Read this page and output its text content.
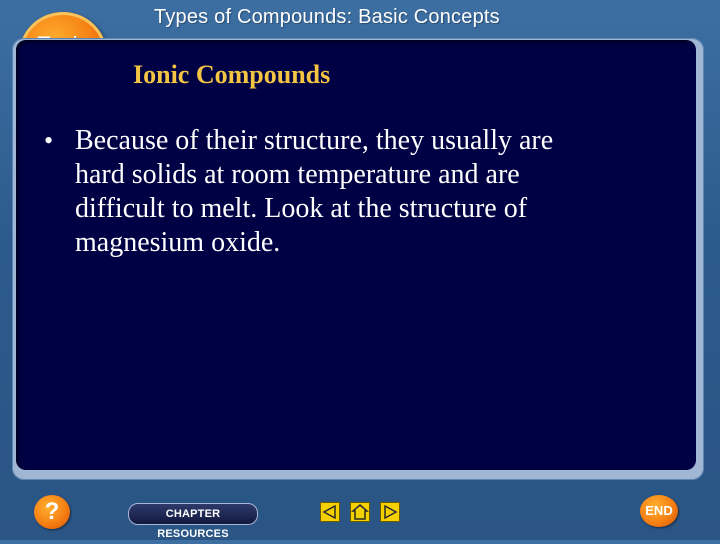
Types of Compounds: Basic Concepts
Ionic Compounds
• Because of their structure, they usually are
hard solids at room temperature and are
difficult to melt. Look at the structure of
magnesium oxide.
?	CHAPTER RESOURCES
END
